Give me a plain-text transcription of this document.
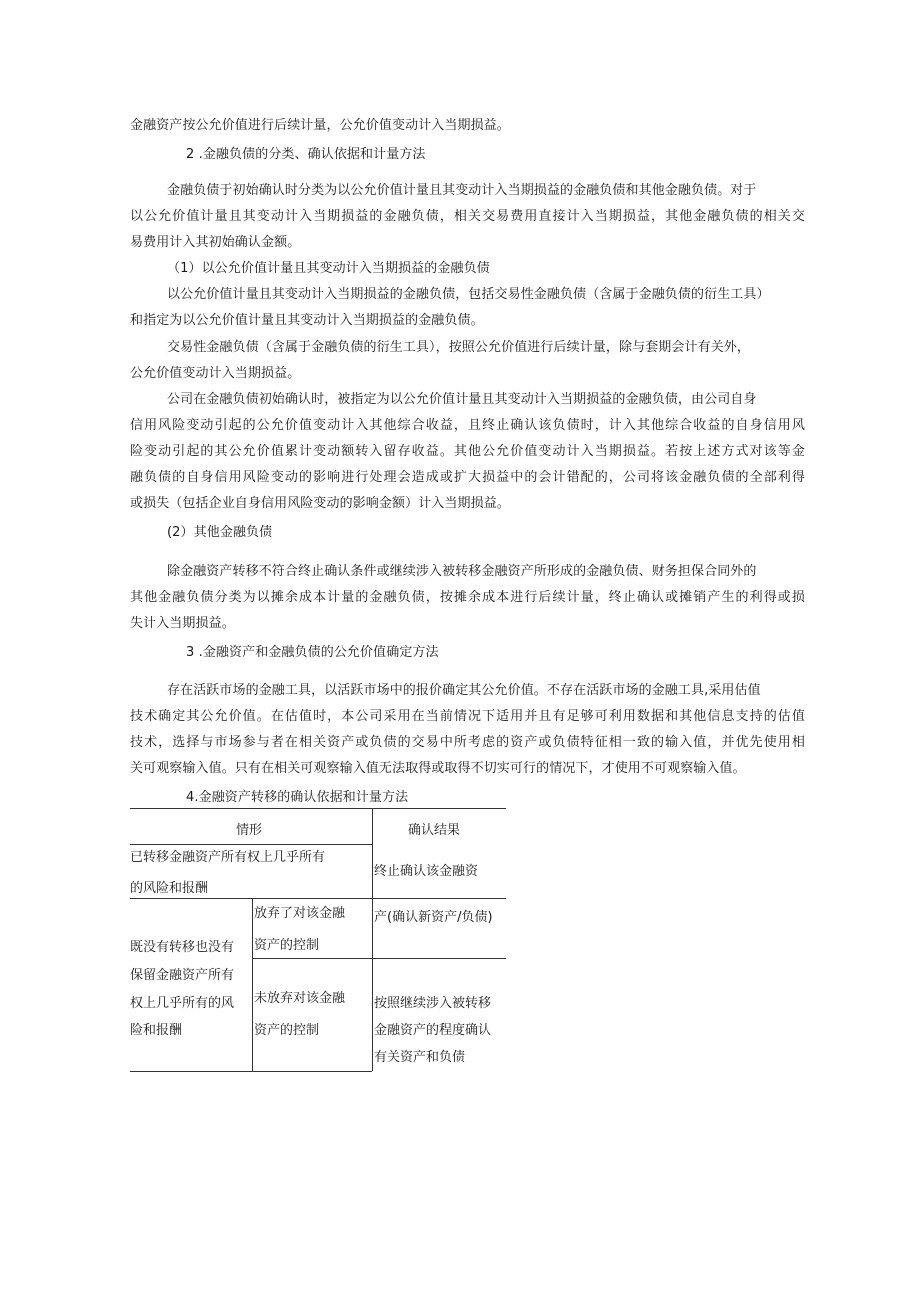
金融资产按公允价值进行后续计量，公允价值变动计入当期损益。

2 .金融负债的分类、确认依据和计量方法

金融负债于初始确认时分类为以公允价值计量且其变动计入当期损益的金融负债和其他金融负债。对于

以公允价值计量且其变动计入当期损益的金融负债，相关交易费用直接计入当期损益，其他金融负债的相关交

易费用计入其初始确认金额。

（1）以公允价值计量且其变动计入当期损益的金融负债

以公允价值计量且其变动计入当期损益的金融负债，包括交易性金融负债（含属于金融负债的衍生工具）

和指定为以公允价值计量且其变动计入当期损益的金融负债。

交易性金融负债（含属于金融负债的衍生工具），按照公允价值进行后续计量，除与套期会计有关外，

公允价值变动计入当期损益。

公司在金融负债初始确认时，被指定为以公允价值计量且其变动计入当期损益的金融负债，由公司自身

信用风险变动引起的公允价值变动计入其他综合收益，且终止确认该负债时，计入其他综合收益的自身信用风

险变动引起的其公允价值累计变动额转入留存收益。其他公允价值变动计入当期损益。若按上述方式对该等金

融负债的自身信用风险变动的影响进行处理会造成或扩大损益中的会计错配的，公司将该金融负债的全部利得

或损失（包括企业自身信用风险变动的影响金额）计入当期损益。

(2）其他金融负债

除金融资产转移不符合终止确认条件或继续涉入被转移金融资产所形成的金融负债、财务担保合同外的

其他金融负债分类为以摊余成本计量的金融负债，按摊余成本进行后续计量，终止确认或摊销产生的利得或损

失计入当期损益。

3 .金融资产和金融负债的公允价值确定方法

存在活跃市场的金融工具，以活跃市场中的报价确定其公允价值。不存在活跃市场的金融工具,采用估值

技术确定其公允价值。在估值时，本公司采用在当前情况下适用并且有足够可利用数据和其他信息支持的估值

技术，选择与市场参与者在相关资产或负债的交易中所考虑的资产或负债特征相一致的输入值，并优先使用相

关可观察输入值。只有在相关可观察输入值无法取得或取得不切实可行的情况下，才使用不可观察输入值。

4.金融资产转移的确认依据和计量方法

情形	确认结果

已转移金融资产所有权上几乎所有

的风险和报酬

终止确认该金融资

产(确认新资产/负债)

既没有转移也没有

保留金融资产所有

权上几乎所有的风

险和报酬

放弃了对该金融

资产的控制

未放弃对该金融

资产的控制

按照继续涉入被转移

金融资产的程度确认

有关资产和负债
